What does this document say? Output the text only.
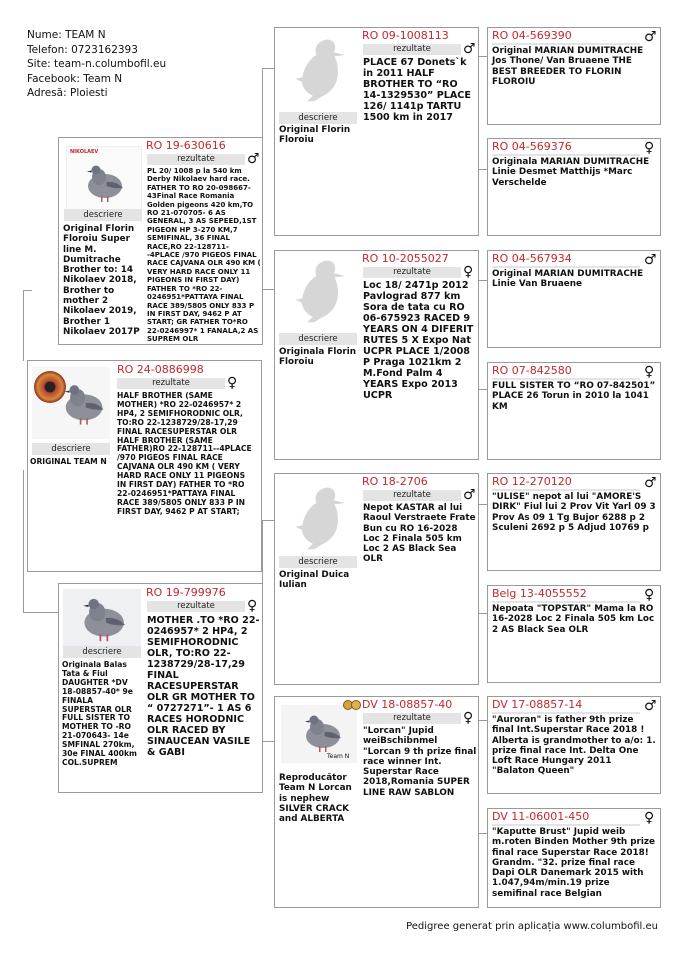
Nume: TEAM N
Telefon: 0723162393
Site: team-n.columbofil.eu
Facebook: Team N
Adresă: Ploiesti
NIKOLAEV
descriere
Original Florin Floroiu Super line M. Dumitrache Brother to: 14 Nikolaev 2018, Brother to mother 2 Nikolaev 2019, Brother 1 Nikolaev 2017P
RO 19-630616
rezultate	♂
PL 20/ 1008 p la 540 km Derby Nikolaev hard race. FATHER TO RO 20-098667-43Final Race Romania Golden pigeons 420 km,TO RO 21-070705- 6 AS GENERAL, 3 AS SEPEED,1ST PIGEON HP 3-270 KM,7 SEMIFINAL, 36 FINAL RACE,RO 22-128711--4PLACE /970 PIGEOS FINAL RACE CAJVANA OLR 490 KM ( VERY HARD RACE ONLY 11 PIGEONS IN FIRST DAY) FATHER TO *RO 22-0246951*PATTAYA FINAL RACE 389/5805 ONLY 833 P IN FIRST DAY, 9462 P AT START; GR FATHER TO*RO 22-0246997* 1 FANALA,2 AS SUPREM OLR
descriere
ORIGINAL TEAM N
RO 24-0886998
rezultate	♀
HALF BROTHER (SAME MOTHER) *RO 22-0246957* 2 HP4, 2 SEMIFHORODNIC OLR, TO:RO 22-1238729/28-17,29 FINAL RACESUPERSTAR OLR HALF BROTHER (SAME FATHER)RO 22-128711--4PLACE /970 PIGEOS FINAL RACE CAJVANA OLR 490 KM ( VERY HARD RACE ONLY 11 PIGEONS IN FIRST DAY) FATHER TO *RO 22-0246951*PATTAYA FINAL RACE 389/5805 ONLY 833 P IN FIRST DAY, 9462 P AT START;
descriere
Originala Balas Tata & Fiul DAUGHTER *DV 18-08857-40* 9e FINALA SUPERSTAR OLR FULL SISTER TO MOTHER TO -RO 21-070643- 14e SMFINAL 270km, 30e FINAL 400km COL.SUPREM
RO 19-799976
rezultate	♀
MOTHER .TO *RO 22-0246957* 2 HP4, 2 SEMIFHORODNIC OLR, TO:RO 22-1238729/28-17,29 FINAL RACESUPERSTAR OLR GR MOTHER TO “ 0727271”- 1 AS 6 RACES HORODNIC OLR RACED BY SINAUCEAN VASILE & GABI
descriere
Original Florin Floroiu
RO 09-1008113
rezultate	♂
PLACE 67 Donets`k in 2011 HALF BROTHER TO “RO 14-1329530” PLACE 126/ 1141p TARTU 1500 km in 2017
descriere
Originala Florin Floroiu
RO 10-2055027
rezultate	♀
Loc 18/ 2471p 2012 Pavlograd 877 km Sora de tata cu RO 06-675923 RACED 9 YEARS ON 4 DIFERIT RUTES 5 X Expo Nat UCPR PLACE 1/2008 P Praga 1021km 2 M.Fond Palm 4 YEARS Expo 2013 UCPR
descriere
Original Duica Iulian
RO 18-2706
rezultate	♂
Nepot KASTAR al lui Raoul Verstraete Frate Bun cu RO 16-2028 Loc 2 Finala 505 km Loc 2 AS Black Sea OLR
Team N
Reproducător Team N Lorcan is nephew SILVER CRACK and ALBERTA
DV 18-08857-40
rezultate	♀
"Lorcan" Jupid weiBschibnmel "Lorcan 9 th prize final race winner Int. Superstar Race 2018,Romania SUPER LINE RAW SABLON
RO 04-569390	♂
Original MARIAN DUMITRACHE Jos Thone/ Van Bruaene THE BEST BREEDER TO FLORIN FLOROIU
RO 04-569376	♀
Originala MARIAN DUMITRACHE Linie Desmet Matthijs *Marc Verschelde
RO 04-567934	♂
Original MARIAN DUMITRACHE Linie Van Bruaene
RO 07-842580	♀
FULL SISTER TO “RO 07-842501” PLACE 26 Torun in 2010 la 1041 KM
RO 12-270120	♂
"ULISE" nepot al lui "AMORE'S DIRK" Fiul lui 2 Prov Vit Yarl 09 3 Prov As 09 1 Tg Bujor 6288 p 2 Sculeni 2692 p 5 Adjud 10769 p
Belg 13-4055552	♀
Nepoata "TOPSTAR" Mama la RO 16-2028 Loc 2 Finala 505 km Loc 2 AS Black Sea OLR
DV 17-08857-14	♂
"Auroran" is father 9th prize final Int.Superstar Race 2018 ! Alberta is grandmother to a/o: 1. prize final race Int. Delta One Loft Race Hungary 2011 "Balaton Queen"
DV 11-06001-450	♀
"Kaputte Brust" Jupid weib m.roten Binden Mother 9th prize final race Superstar Race 2018! Grandm. "32. prize final race Dapi OLR Danemark 2015 with 1.047,94m/min.19 prize semifinal race Belgian
Pedigree generat prin aplicația www.columbofil.eu
